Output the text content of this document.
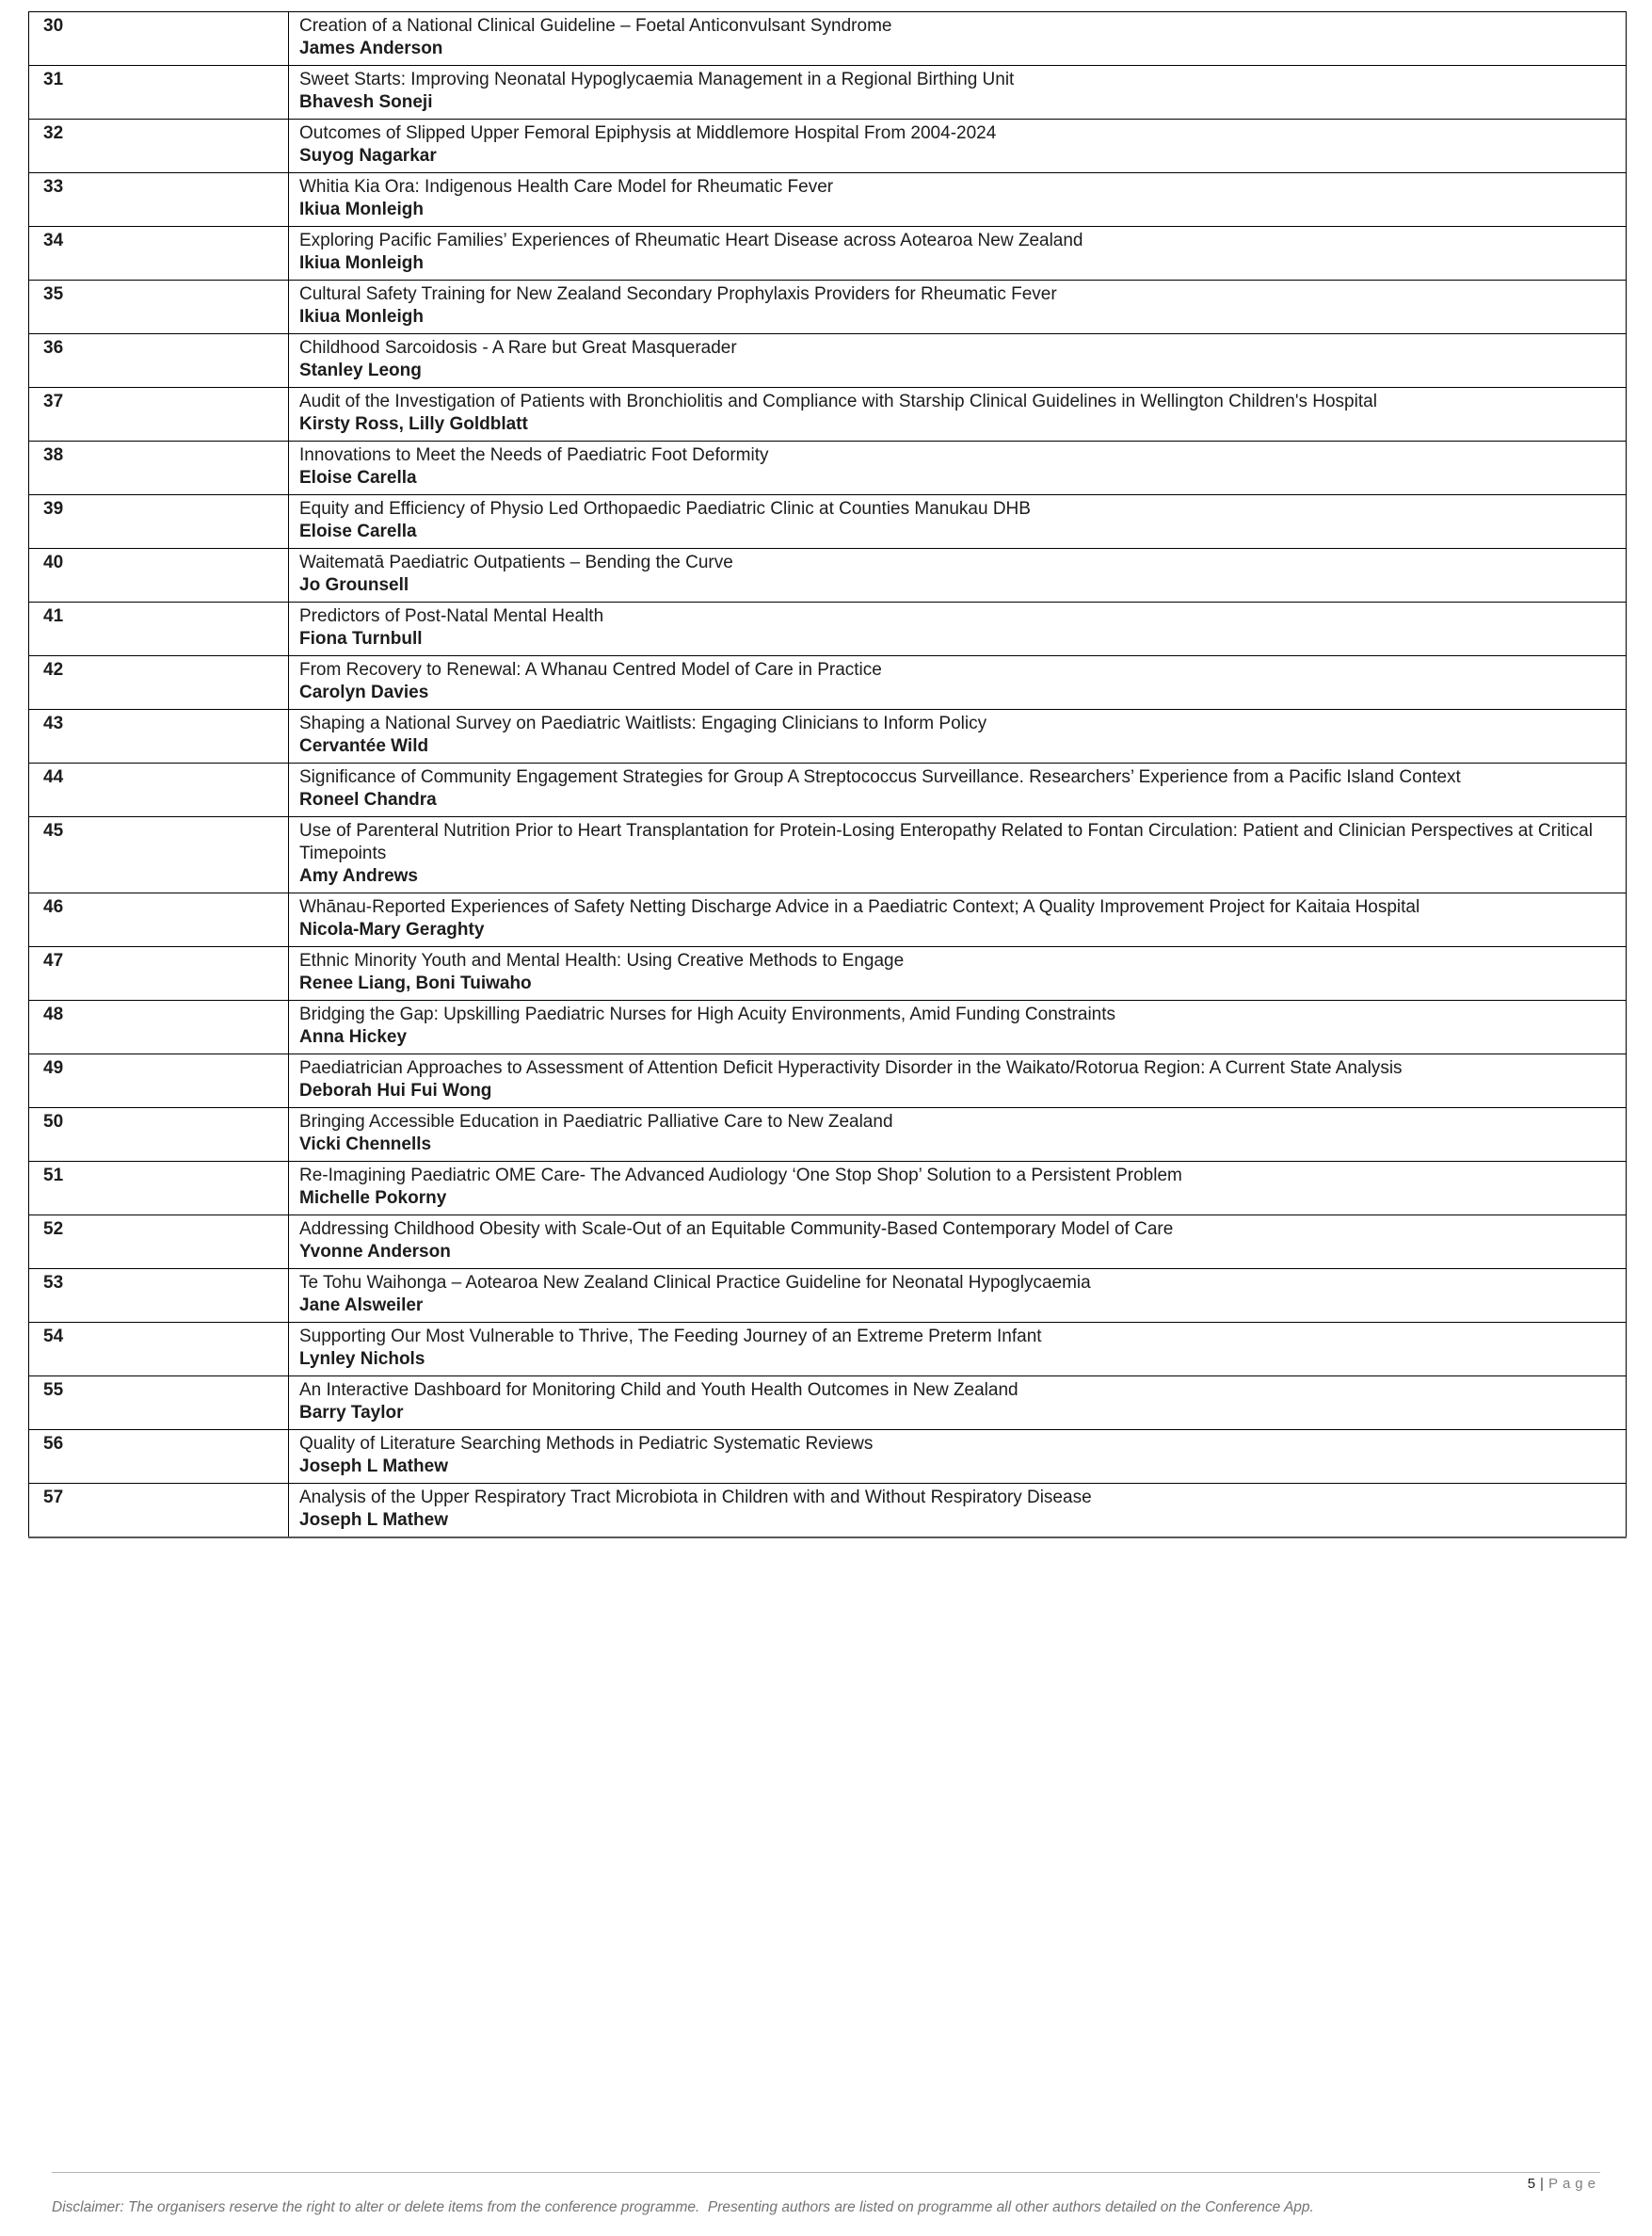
30	Creation of a National Clinical Guideline – Foetal Anticonvulsant Syndrome
James Anderson

31	Sweet Starts: Improving Neonatal Hypoglycaemia Management in a Regional Birthing Unit
Bhavesh Soneji

32	Outcomes of Slipped Upper Femoral Epiphysis at Middlemore Hospital From 2004-2024
Suyog Nagarkar

33	Whitia Kia Ora: Indigenous Health Care Model for Rheumatic Fever
Ikiua Monleigh

34	Exploring Pacific Families’ Experiences of Rheumatic Heart Disease across Aotearoa New Zealand
Ikiua Monleigh

35	Cultural Safety Training for New Zealand Secondary Prophylaxis Providers for Rheumatic Fever
Ikiua Monleigh

36	Childhood Sarcoidosis - A Rare but Great Masquerader
Stanley Leong

37	Audit of the Investigation of Patients with Bronchiolitis and Compliance with Starship Clinical Guidelines in Wellington Children's Hospital
Kirsty Ross, Lilly Goldblatt

38	Innovations to Meet the Needs of Paediatric Foot Deformity
Eloise Carella

39	Equity and Efficiency of Physio Led Orthopaedic Paediatric Clinic at Counties Manukau DHB
Eloise Carella

40	Waitematā Paediatric Outpatients – Bending the Curve
Jo Grounsell

41	Predictors of Post-Natal Mental Health
Fiona Turnbull

42	From Recovery to Renewal: A Whanau Centred Model of Care in Practice
Carolyn Davies

43	Shaping a National Survey on Paediatric Waitlists: Engaging Clinicians to Inform Policy
Cervantée Wild

44	Significance of Community Engagement Strategies for Group A Streptococcus Surveillance. Researchers’ Experience from a Pacific Island Context
Roneel Chandra

45	Use of Parenteral Nutrition Prior to Heart Transplantation for Protein-Losing Enteropathy Related to Fontan Circulation: Patient and Clinician Perspectives at Critical Timepoints
Amy Andrews

46	Whānau-Reported Experiences of Safety Netting Discharge Advice in a Paediatric Context; A Quality Improvement Project for Kaitaia Hospital
Nicola-Mary Geraghty

47	Ethnic Minority Youth and Mental Health: Using Creative Methods to Engage
Renee Liang, Boni Tuiwaho

48	Bridging the Gap: Upskilling Paediatric Nurses for High Acuity Environments, Amid Funding Constraints
Anna Hickey

49	Paediatrician Approaches to Assessment of Attention Deficit Hyperactivity Disorder in the Waikato/Rotorua Region: A Current State Analysis
Deborah Hui Fui Wong

50	Bringing Accessible Education in Paediatric Palliative Care to New Zealand
Vicki Chennells

51	Re-Imagining Paediatric OME Care- The Advanced Audiology ‘One Stop Shop’ Solution to a Persistent Problem
Michelle Pokorny

52	Addressing Childhood Obesity with Scale-Out of an Equitable Community-Based Contemporary Model of Care
Yvonne Anderson

53	Te Tohu Waihonga – Aotearoa New Zealand Clinical Practice Guideline for Neonatal Hypoglycaemia
Jane Alsweiler

54	Supporting Our Most Vulnerable to Thrive, The Feeding Journey of an Extreme Preterm Infant
Lynley Nichols

55	An Interactive Dashboard for Monitoring Child and Youth Health Outcomes in New Zealand
Barry Taylor

56	Quality of Literature Searching Methods in Pediatric Systematic Reviews
Joseph L Mathew

57	Analysis of the Upper Respiratory Tract Microbiota in Children with and Without Respiratory Disease
Joseph L Mathew
5 | Page
Disclaimer: The organisers reserve the right to alter or delete items from the conference programme.  Presenting authors are listed on programme all other authors detailed on the Conference App.
